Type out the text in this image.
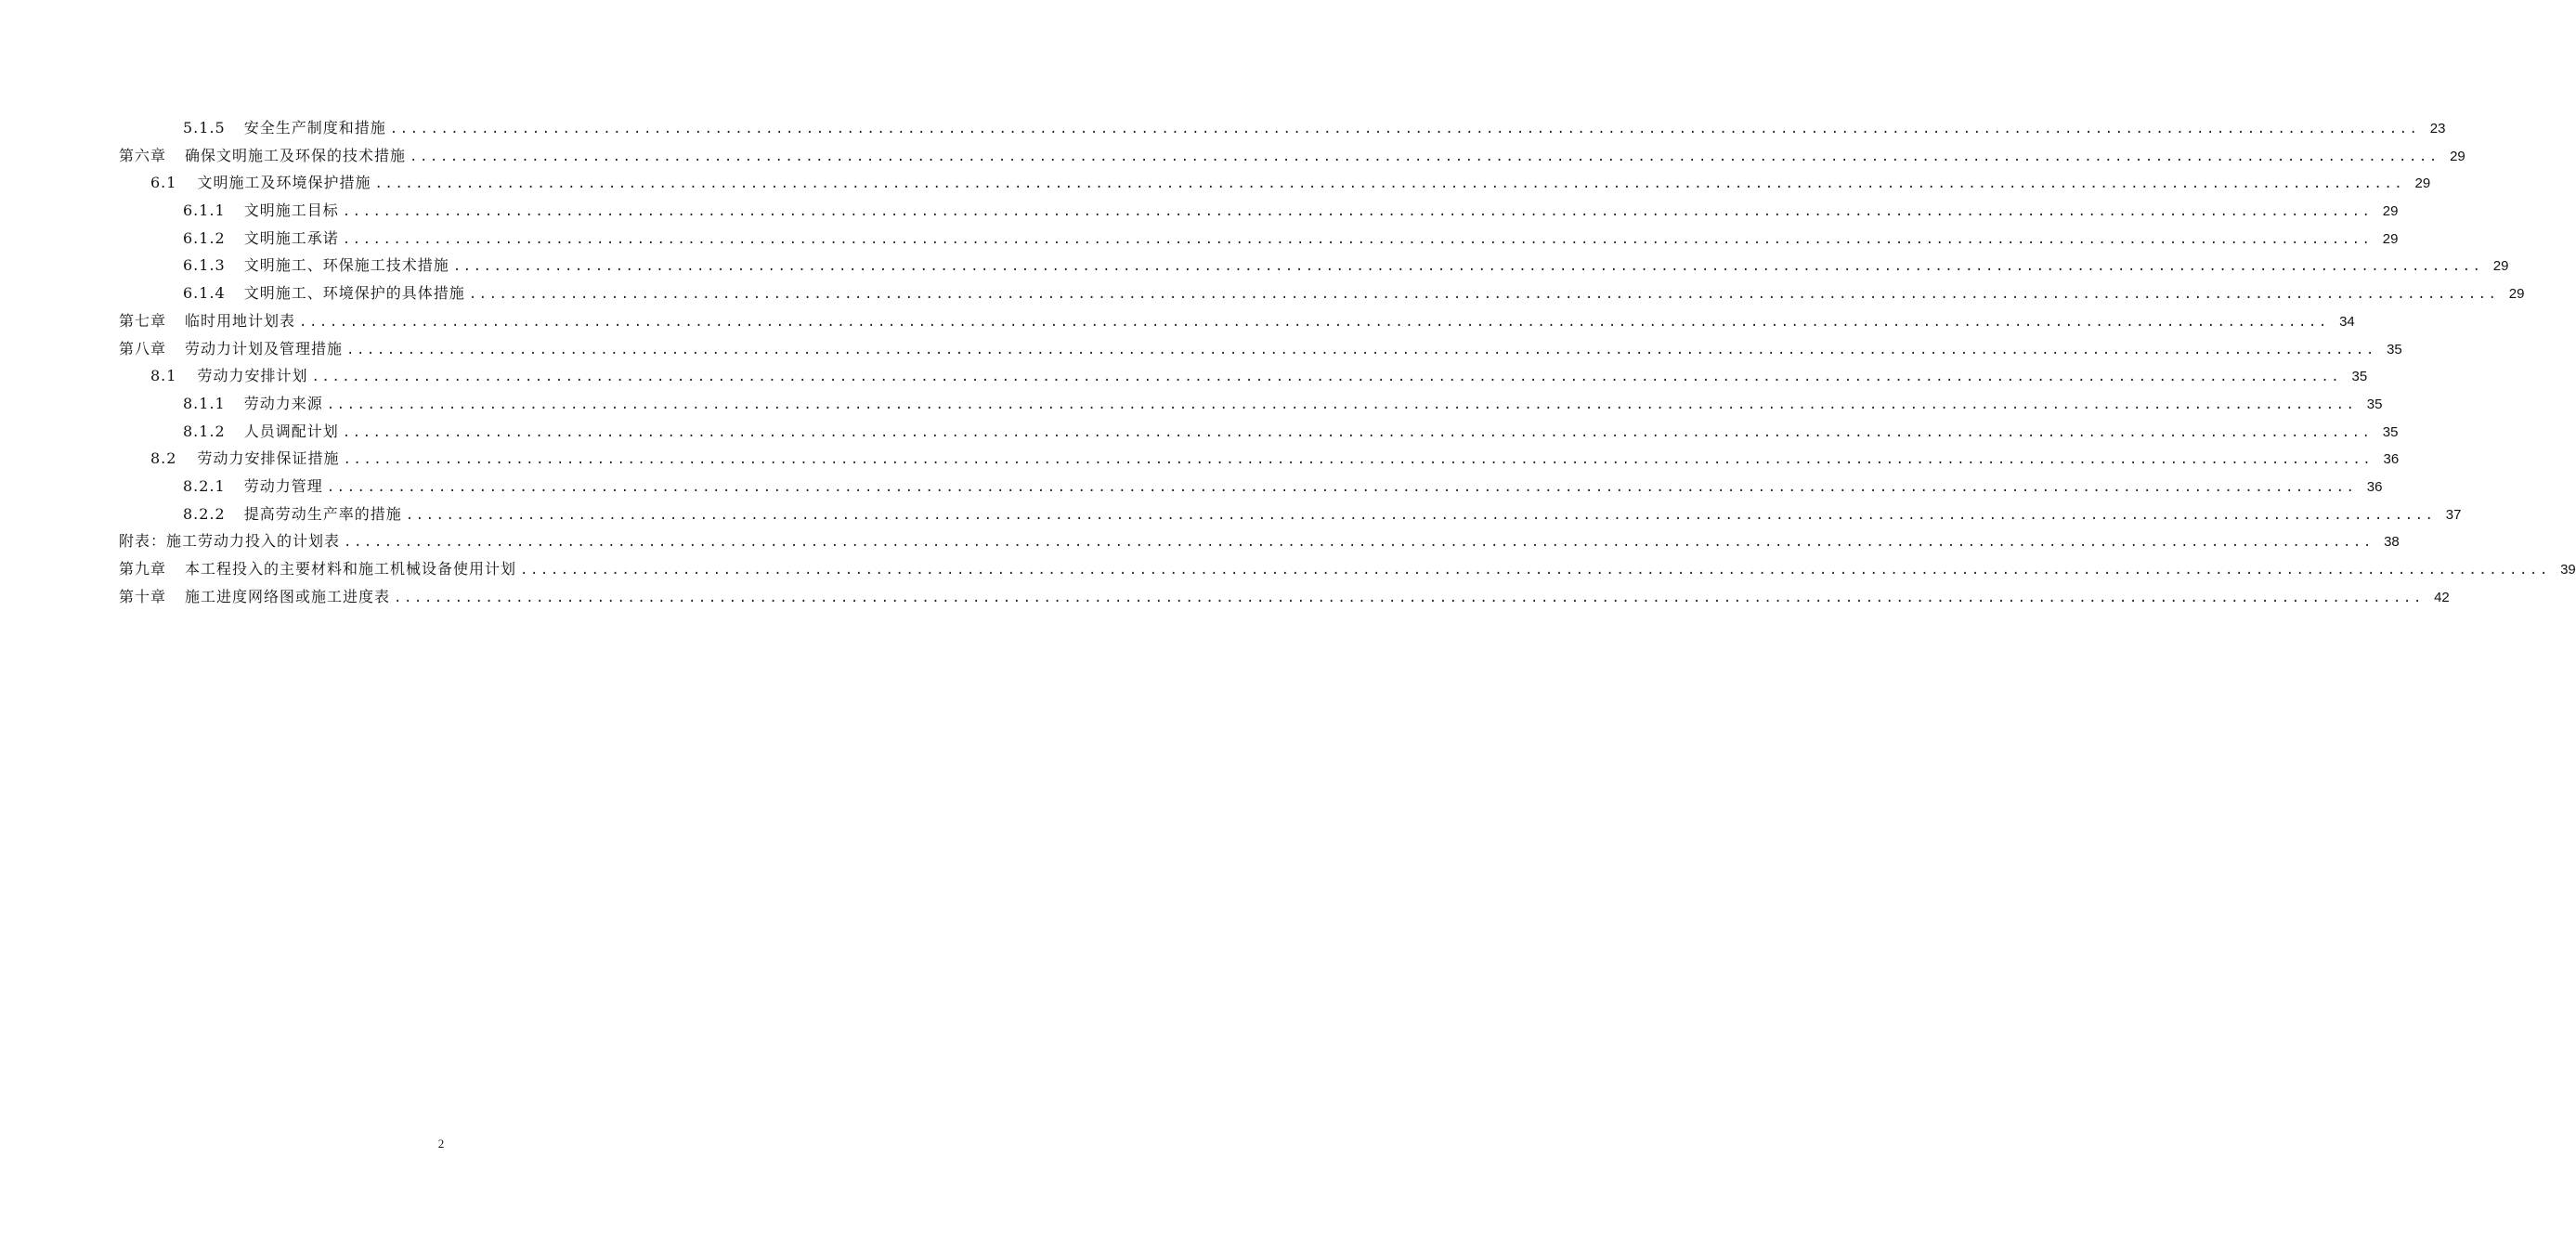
5.1.5 安全生产制度和措施 ........................................................................................................................................................................................................ 23
第六章 确保文明施工及环保的技术措施 ........................................................................................................................................................................................................ 29
6.1 文明施工及环境保护措施 ........................................................................................................................................................................................................ 29
6.1.1 文明施工目标 ........................................................................................................................................................................................................ 29
6.1.2 文明施工承诺 ........................................................................................................................................................................................................ 29
6.1.3 文明施工、环保施工技术措施 ........................................................................................................................................................................................................ 29
6.1.4 文明施工、环境保护的具体措施 ........................................................................................................................................................................................................ 29
第七章 临时用地计划表 ........................................................................................................................................................................................................ 34
第八章 劳动力计划及管理措施 ........................................................................................................................................................................................................ 35
8.1 劳动力安排计划 ........................................................................................................................................................................................................ 35
8.1.1 劳动力来源 ........................................................................................................................................................................................................ 35
8.1.2 人员调配计划 ........................................................................................................................................................................................................ 35
8.2 劳动力安排保证措施 ........................................................................................................................................................................................................ 36
8.2.1 劳动力管理 ........................................................................................................................................................................................................ 36
8.2.2 提高劳动生产率的措施 ........................................................................................................................................................................................................ 37
附表： 施工劳动力投入的计划表 ........................................................................................................................................................................................................ 38
第九章 本工程投入的主要材料和施工机械设备使用计划 ........................................................................................................................................................................................................ 39
第十章 施工进度网络图或施工进度表 ........................................................................................................................................................................................................ 42
2
